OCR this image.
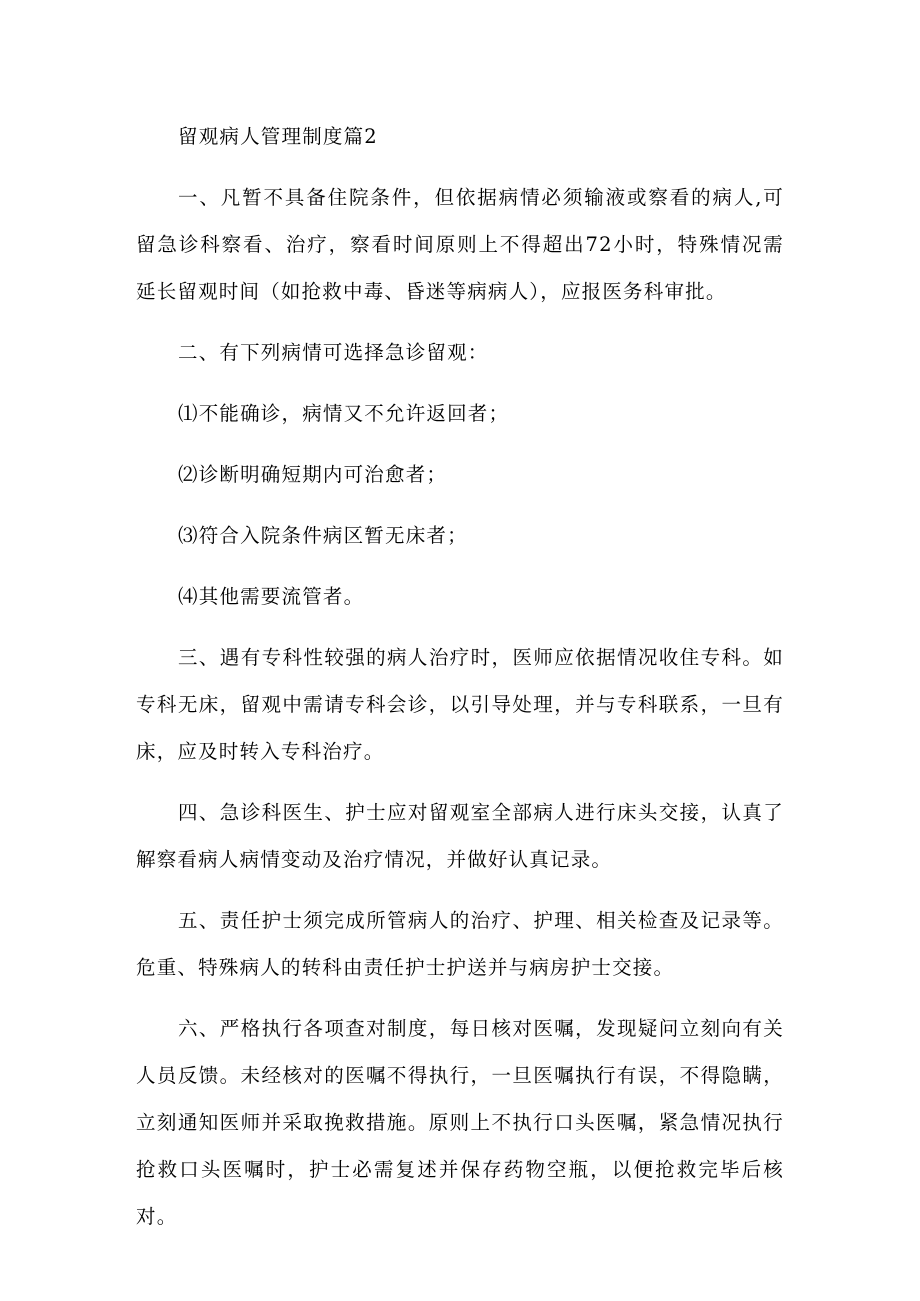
留观病人管理制度篇2

一、凡暂不具备住院条件，但依据病情必须输液或察看的病人,可留急诊科察看、治疗，察看时间原则上不得超出72小时，特殊情况需延长留观时间（如抢救中毒、昏迷等病病人），应报医务科审批。

二、有下列病情可选择急诊留观：

⑴不能确诊，病情又不允许返回者；

⑵诊断明确短期内可治愈者；

⑶符合入院条件病区暂无床者；

⑷其他需要流管者。

三、遇有专科性较强的病人治疗时，医师应依据情况收住专科。如专科无床，留观中需请专科会诊，以引导处理，并与专科联系，一旦有床，应及时转入专科治疗。

四、急诊科医生、护士应对留观室全部病人进行床头交接，认真了解察看病人病情变动及治疗情况，并做好认真记录。

五、责任护士须完成所管病人的治疗、护理、相关检查及记录等。危重、特殊病人的转科由责任护士护送并与病房护士交接。

六、严格执行各项查对制度，每日核对医嘱，发现疑问立刻向有关人员反馈。未经核对的医嘱不得执行，一旦医嘱执行有误，不得隐瞒，立刻通知医师并采取挽救措施。原则上不执行口头医嘱，紧急情况执行抢救口头医嘱时，护士必需复述并保存药物空瓶，以便抢救完毕后核对。
